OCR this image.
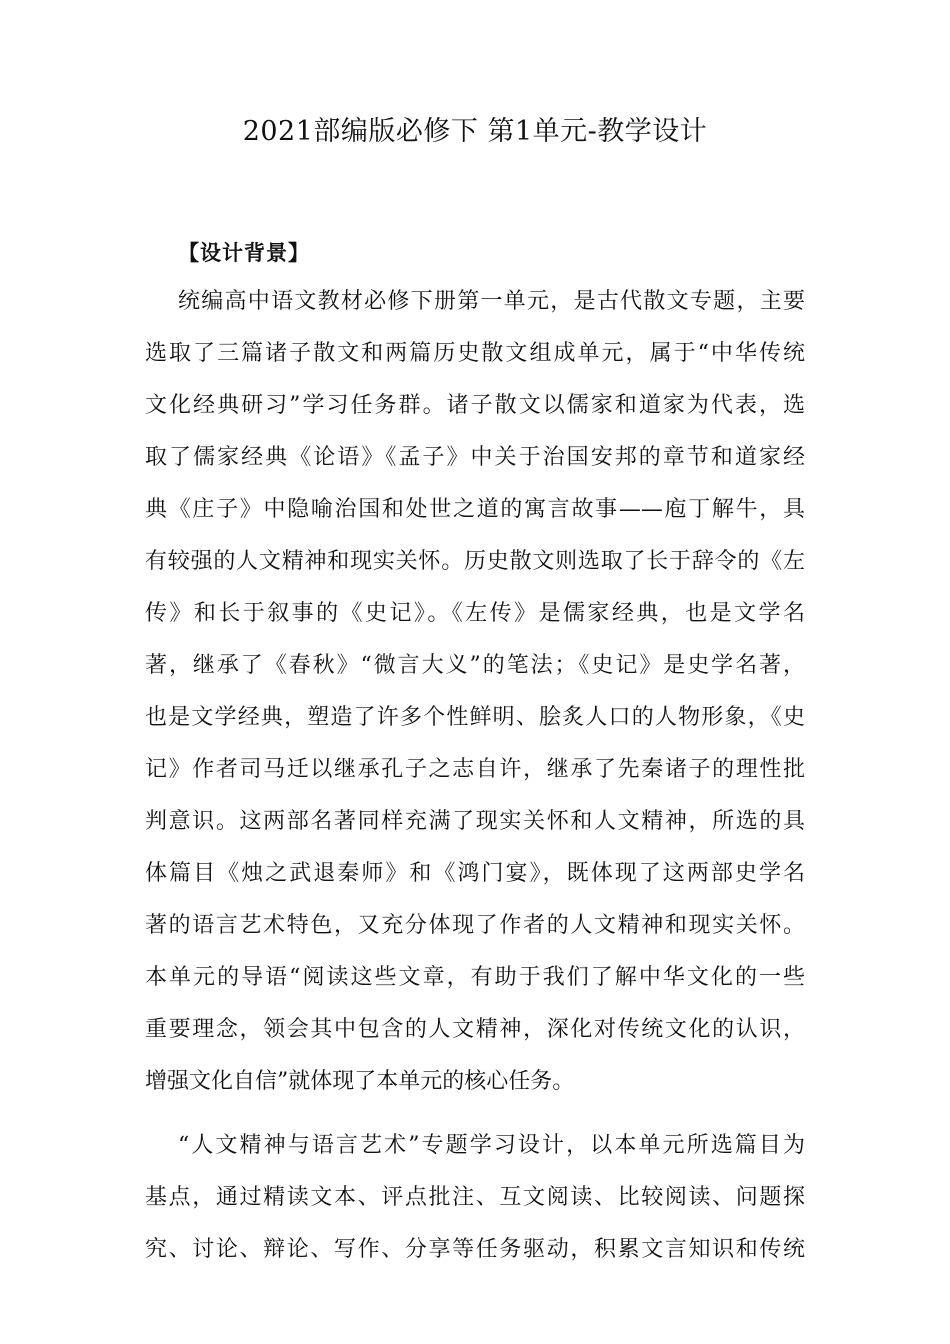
2021部编版必修下 第1单元-教学设计
【设计背景】
统编高中语文教材必修下册第一单元，是古代散文专题，主要
选取了三篇诸子散文和两篇历史散文组成单元，属于“中华传统
文化经典研习”学习任务群。诸子散文以儒家和道家为代表，选
取了儒家经典《论语》《孟子》中关于治国安邦的章节和道家经
典《庄子》中隐喻治国和处世之道的寓言故事——庖丁解牛，具
有较强的人文精神和现实关怀。历史散文则选取了长于辞令的《左
传》和长于叙事的《史记》。《左传》是儒家经典，也是文学名
著，继承了《春秋》“微言大义”的笔法；《史记》是史学名著，
也是文学经典，塑造了许多个性鲜明、脍炙人口的人物形象，《史
记》作者司马迁以继承孔子之志自许，继承了先秦诸子的理性批
判意识。这两部名著同样充满了现实关怀和人文精神，所选的具
体篇目《烛之武退秦师》和《鸿门宴》，既体现了这两部史学名
著的语言艺术特色，又充分体现了作者的人文精神和现实关怀。
本单元的导语“阅读这些文章，有助于我们了解中华文化的一些
重要理念，领会其中包含的人文精神，深化对传统文化的认识，
增强文化自信”就体现了本单元的核心任务。
“人文精神与语言艺术”专题学习设计，以本单元所选篇目为
基点，通过精读文本、评点批注、互文阅读、比较阅读、问题探
究、讨论、辩论、写作、分享等任务驱动，积累文言知识和传统
